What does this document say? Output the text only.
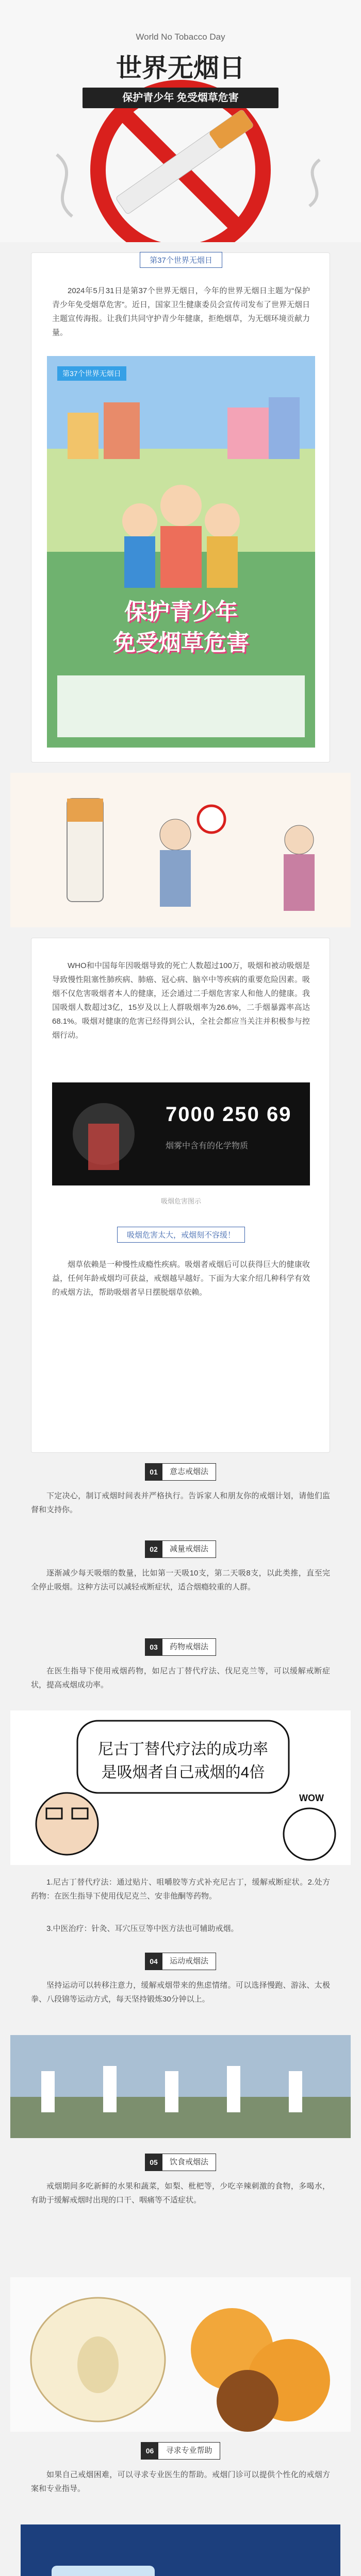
World No Tobacco Day
世界无烟日
保护青少年 免受烟草危害
第37个世界无烟日
2024年5月31日是第37个世界无烟日，今年的世界无烟日主题为“保护青少年免受烟草危害”。近日，国家卫生健康委员会宣传司发布了世界无烟日主题宣传海报。让我们共同守护青少年健康，拒绝烟草，为无烟环境贡献力量。
第37个世界无烟日
保护青少年
免受烟草危害
WHO和中国每年因吸烟导致的死亡人数超过100万，吸烟和被动吸烟是导致慢性阻塞性肺疾病、肺癌、冠心病、脑卒中等疾病的重要危险因素。吸烟不仅危害吸烟者本人的健康，还会通过二手烟危害家人和他人的健康。我国吸烟人数超过3亿，15岁及以上人群吸烟率为26.6%，二手烟暴露率高达68.1%。吸烟对健康的危害已经得到公认，全社会都应当关注并积极参与控烟行动。
7000 250 69
烟雾中含有的化学物质
吸烟危害图示
吸烟危害太大，戒烟刻不容缓！
烟草依赖是一种慢性成瘾性疾病。吸烟者戒烟后可以获得巨大的健康收益，任何年龄戒烟均可获益，戒烟越早越好。下面为大家介绍几种科学有效的戒烟方法，帮助吸烟者早日摆脱烟草依赖。
01 意志戒烟法
下定决心，制订戒烟时间表并严格执行。告诉家人和朋友你的戒烟计划，请他们监督和支持你。
02 减量戒烟法
逐渐减少每天吸烟的数量，比如第一天吸10支，第二天吸8支，以此类推，直至完全停止吸烟。这种方法可以减轻戒断症状，适合烟瘾较重的人群。
03 药物戒烟法
在医生指导下使用戒烟药物，如尼古丁替代疗法、伐尼克兰等，可以缓解戒断症状，提高戒烟成功率。
尼古丁替代疗法的成功率
是吸烟者自己戒烟的4倍
WOW
1.尼古丁替代疗法：通过贴片、咀嚼胶等方式补充尼古丁，缓解戒断症状。2.处方药物：在医生指导下使用伐尼克兰、安非他酮等药物。
3.中医治疗：针灸、耳穴压豆等中医方法也可辅助戒烟。
04 运动戒烟法
坚持运动可以转移注意力，缓解戒烟带来的焦虑情绪。可以选择慢跑、游泳、太极拳、八段锦等运动方式，每天坚持锻炼30分钟以上。
05 饮食戒烟法
戒烟期间多吃新鲜的水果和蔬菜，如梨、枇杷等，少吃辛辣刺激的食物，多喝水，有助于缓解戒烟时出现的口干、咽痛等不适症状。
06 寻求专业帮助
如果自己戒烟困难，可以寻求专业医生的帮助。戒烟门诊可以提供个性化的戒烟方案和专业指导。
